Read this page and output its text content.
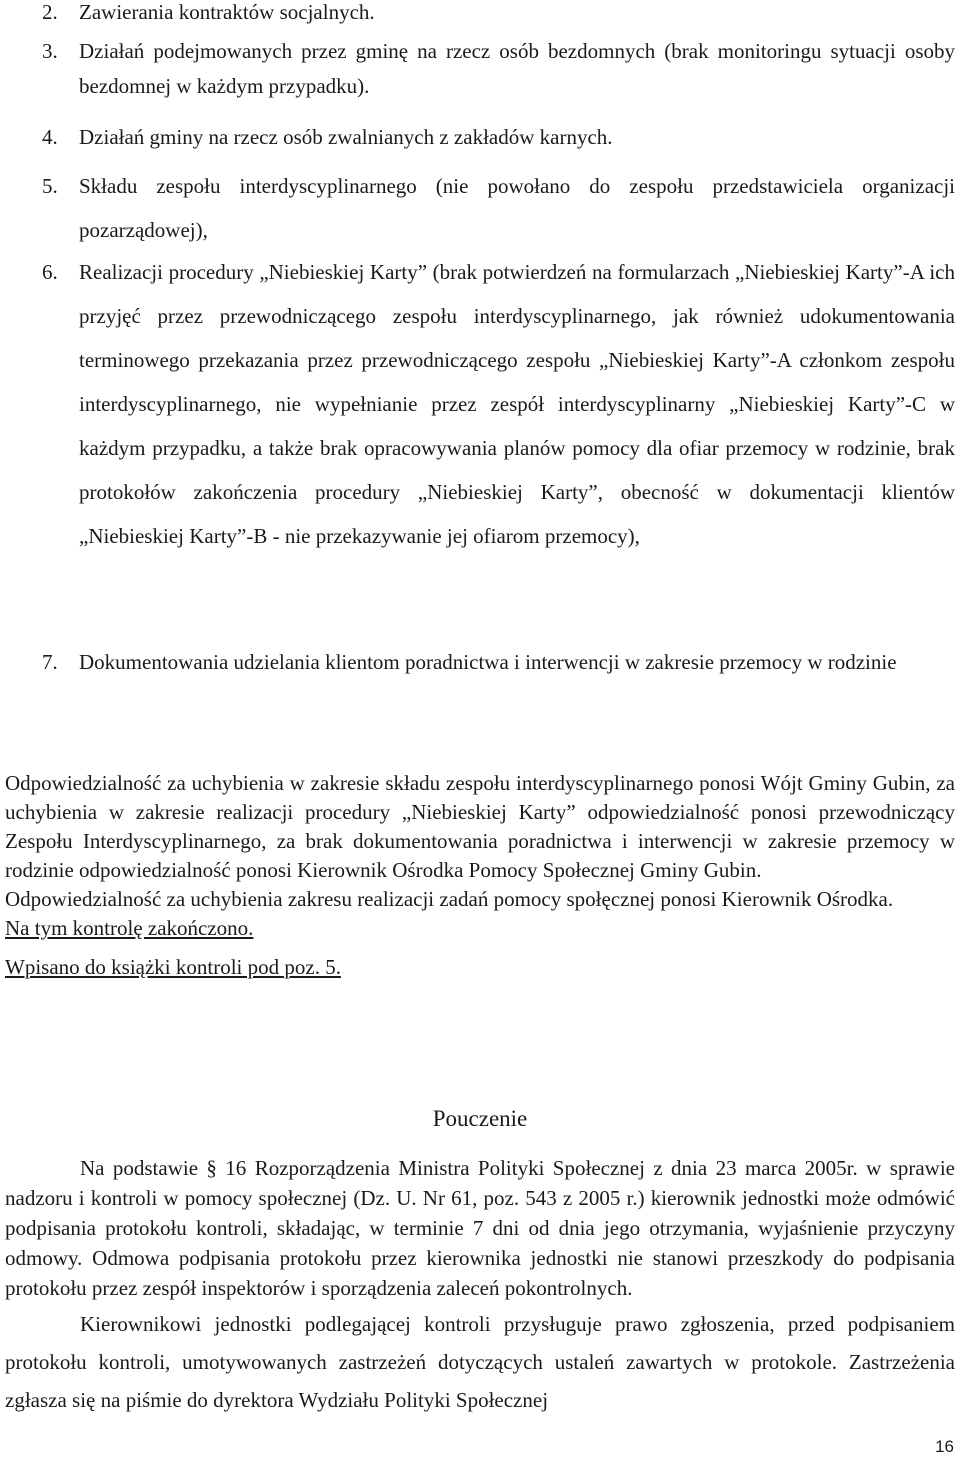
2. Zawierania kontraktów socjalnych.

3. Działań podejmowanych przez gminę na rzecz osób bezdomnych (brak monitoringu sytuacji osoby bezdomnej w każdym przypadku).

4. Działań gminy na rzecz osób zwalnianych z zakładów karnych.

5. Składu zespołu interdyscyplinarnego (nie powołano do zespołu przedstawiciela organizacji pozarządowej),

6. Realizacji procedury „Niebieskiej Karty” (brak potwierdzeń na formularzach „Niebieskiej Karty”-A ich przyjęć przez przewodniczącego zespołu interdyscyplinarnego, jak również udokumentowania terminowego przekazania przez przewodniczącego zespołu „Niebieskiej Karty”-A członkom zespołu interdyscyplinarnego, nie wypełnianie przez zespół interdyscyplinarny „Niebieskiej Karty”-C w każdym przypadku, a także brak opracowywania planów pomocy dla ofiar przemocy w rodzinie, brak protokołów zakończenia procedury „Niebieskiej Karty”, obecność w dokumentacji klientów „Niebieskiej Karty”-B - nie przekazywanie jej ofiarom przemocy),

7. Dokumentowania udzielania klientom poradnictwa i interwencji w zakresie przemocy w rodzinie

Odpowiedzialność za uchybienia w zakresie składu zespołu interdyscyplinarnego ponosi Wójt Gminy Gubin, za uchybienia w zakresie realizacji procedury „Niebieskiej Karty” odpowiedzialność ponosi przewodniczący Zespołu Interdyscyplinarnego, za brak dokumentowania poradnictwa i interwencji w zakresie przemocy w rodzinie odpowiedzialność ponosi Kierownik Ośrodka Pomocy Społecznej Gminy Gubin.

Odpowiedzialność za uchybienia zakresu realizacji zadań pomocy społęcznej ponosi Kierownik Ośrodka.

Na tym kontrolę zakończono.

Wpisano do książki kontroli pod poz. 5.

Pouczenie

Na podstawie § 16 Rozporządzenia Ministra Polityki Społecznej z dnia 23 marca 2005r. w sprawie nadzoru i kontroli w pomocy społecznej (Dz. U. Nr 61, poz. 543 z 2005 r.) kierownik jednostki może odmówić podpisania protokołu kontroli, składając, w terminie 7 dni od dnia jego otrzymania, wyjaśnienie przyczyny odmowy. Odmowa podpisania protokołu przez kierownika jednostki nie stanowi przeszkody do podpisania protokołu przez zespół inspektorów i sporządzenia zaleceń pokontrolnych.

Kierownikowi jednostki podlegającej kontroli przysługuje prawo zgłoszenia, przed podpisaniem protokołu kontroli, umotywowanych zastrzeżeń dotyczących ustaleń zawartych w protokole. Zastrzeżenia zgłasza się na piśmie do dyrektora Wydziału Polityki Społecznej

16
